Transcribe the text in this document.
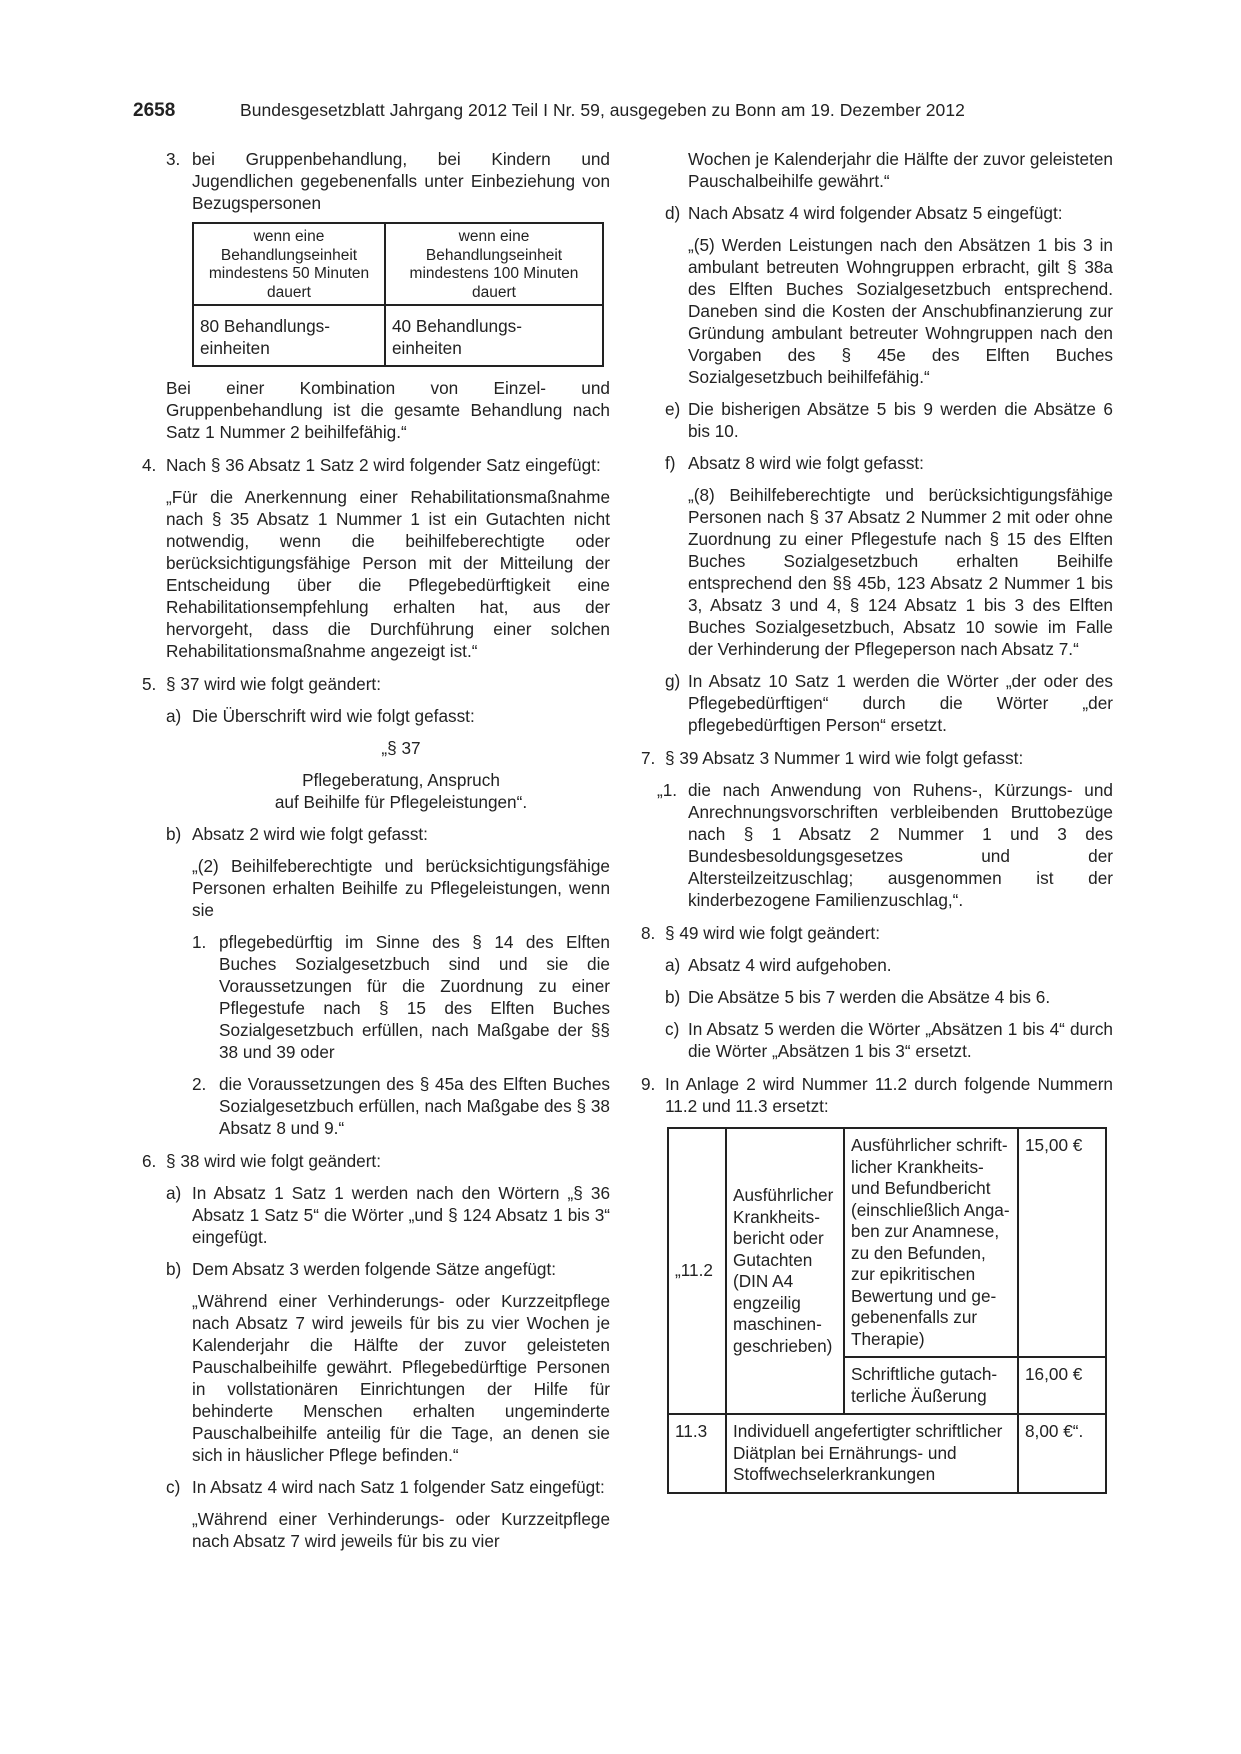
2658	Bundesgesetzblatt Jahrgang 2012 Teil I Nr. 59, ausgegeben zu Bonn am 19. Dezember 2012
3. bei Gruppenbehandlung, bei Kindern und Jugendlichen gegebenenfalls unter Einbeziehung von Bezugspersonen

wenn eine Behandlungseinheit mindestens 50 Minuten dauert	wenn eine Behandlungseinheit mindestens 100 Minuten dauert
80 Behandlungs- einheiten	40 Behandlungs- einheiten

Bei einer Kombination von Einzel- und Gruppenbehandlung ist die gesamte Behandlung nach Satz 1 Nummer 2 beihilfefähig.“

4. Nach § 36 Absatz 1 Satz 2 wird folgender Satz eingefügt:

„Für die Anerkennung einer Rehabilitationsmaßnahme nach § 35 Absatz 1 Nummer 1 ist ein Gutachten nicht notwendig, wenn die beihilfeberechtigte oder berücksichtigungsfähige Person mit der Mitteilung der Entscheidung über die Pflegebedürftigkeit eine Rehabilitationsempfehlung erhalten hat, aus der hervorgeht, dass die Durchführung einer solchen Rehabilitationsmaßnahme angezeigt ist.“

5. § 37 wird wie folgt geändert:

a) Die Überschrift wird wie folgt gefasst:

„§ 37

Pflegeberatung, Anspruch

auf Beihilfe für Pflegeleistungen“.

b) Absatz 2 wird wie folgt gefasst:

„(2) Beihilfeberechtigte und berücksichtigungsfähige Personen erhalten Beihilfe zu Pflegeleistungen, wenn sie

1. pflegebedürftig im Sinne des § 14 des Elften Buches Sozialgesetzbuch sind und sie die Voraussetzungen für die Zuordnung zu einer Pflegestufe nach § 15 des Elften Buches Sozialgesetzbuch erfüllen, nach Maßgabe der §§ 38 und 39 oder

2. die Voraussetzungen des § 45a des Elften Buches Sozialgesetzbuch erfüllen, nach Maßgabe des § 38 Absatz 8 und 9.“

6. § 38 wird wie folgt geändert:

a) In Absatz 1 Satz 1 werden nach den Wörtern „§ 36 Absatz 1 Satz 5“ die Wörter „und § 124 Absatz 1 bis 3“ eingefügt.

b) Dem Absatz 3 werden folgende Sätze angefügt:

„Während einer Verhinderungs- oder Kurzzeitpflege nach Absatz 7 wird jeweils für bis zu vier Wochen je Kalenderjahr die Hälfte der zuvor geleisteten Pauschalbeihilfe gewährt. Pflegebedürftige Personen in vollstationären Einrichtungen der Hilfe für behinderte Menschen erhalten ungeminderte Pauschalbeihilfe anteilig für die Tage, an denen sie sich in häuslicher Pflege befinden.“

c) In Absatz 4 wird nach Satz 1 folgender Satz eingefügt:

„Während einer Verhinderungs- oder Kurzzeitpflege nach Absatz 7 wird jeweils für bis zu vier

Wochen je Kalenderjahr die Hälfte der zuvor geleisteten Pauschalbeihilfe gewährt.“

d) Nach Absatz 4 wird folgender Absatz 5 eingefügt:

„(5) Werden Leistungen nach den Absätzen 1 bis 3 in ambulant betreuten Wohngruppen erbracht, gilt § 38a des Elften Buches Sozialgesetzbuch entsprechend. Daneben sind die Kosten der Anschubfinanzierung zur Gründung ambulant betreuter Wohngruppen nach den Vorgaben des § 45e des Elften Buches Sozialgesetzbuch beihilfefähig.“

e) Die bisherigen Absätze 5 bis 9 werden die Absätze 6 bis 10.

f) Absatz 8 wird wie folgt gefasst:

„(8) Beihilfeberechtigte und berücksichtigungsfähige Personen nach § 37 Absatz 2 Nummer 2 mit oder ohne Zuordnung zu einer Pflegestufe nach § 15 des Elften Buches Sozialgesetzbuch erhalten Beihilfe entsprechend den §§ 45b, 123 Absatz 2 Nummer 1 bis 3, Absatz 3 und 4, § 124 Absatz 1 bis 3 des Elften Buches Sozialgesetzbuch, Absatz 10 sowie im Falle der Verhinderung der Pflegeperson nach Absatz 7.“

g) In Absatz 10 Satz 1 werden die Wörter „der oder des Pflegebedürftigen“ durch die Wörter „der pflegebedürftigen Person“ ersetzt.

7. § 39 Absatz 3 Nummer 1 wird wie folgt gefasst:

„1. die nach Anwendung von Ruhens-, Kürzungs- und Anrechnungsvorschriften verbleibenden Bruttobezüge nach § 1 Absatz 2 Nummer 1 und 3 des Bundesbesoldungsgesetzes und der Altersteilzeitzuschlag; ausgenommen ist der kinderbezogene Familienzuschlag,“.

8. § 49 wird wie folgt geändert:

a) Absatz 4 wird aufgehoben.

b) Die Absätze 5 bis 7 werden die Absätze 4 bis 6.

c) In Absatz 5 werden die Wörter „Absätzen 1 bis 4“ durch die Wörter „Absätzen 1 bis 3“ ersetzt.

9. In Anlage 2 wird Nummer 11.2 durch folgende Nummern 11.2 und 11.3 ersetzt:

„11.2	Ausführlicher Krankheits- bericht oder Gutachten (DIN A4 engzeilig maschinen- geschrieben)	Ausführlicher schrift- licher Krankheits- und Befundbericht (einschließlich Anga- ben zur Anamnese, zu den Befunden, zur epikritischen Bewertung und ge- gebenenfalls zur Therapie)	15,00 €
		Schriftliche gutach- terliche Äußerung	16,00 €
11.3	Individuell angefertigter schriftlicher Diätplan bei Ernährungs- und Stoffwechselerkrankungen		8,00 €“.
